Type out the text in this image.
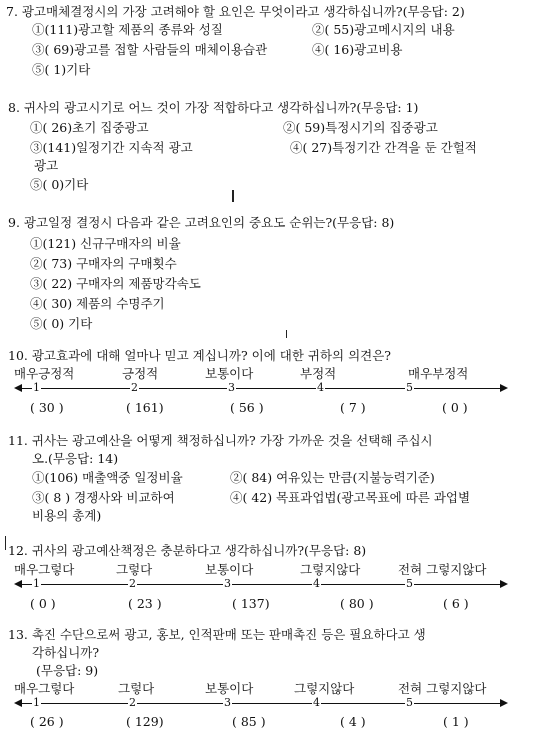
7. 광고매체결정시의 가장 고려해야 할 요인은 무엇이라고 생각하십니까?(무응답: 2)
①(111)광고할 제품의 종류와 성질	②( 55)광고메시지의 내용
③( 69)광고를 접할 사람들의 매체이용습관	④( 16)광고비용
⑤( 1)기타
8. 귀사의 광고시기로 어느 것이 가장 적합하다고 생각하십니까?(무응답: 1)
①( 26)초기 집중광고	②( 59)특정시기의 집중광고
③(141)일정기간 지속적 광고	④( 27)특정기간 간격을 둔 간헐적
광고
⑤( 0)기타
9. 광고일정 결정시 다음과 같은 고려요인의 중요도 순위는?(무응답: 8)
①(121) 신규구매자의 비율
②( 73) 구매자의 구매횟수
③( 22) 구매자의 제품망각속도
④( 30) 제품의 수명주기
⑤( 0) 기타
10. 광고효과에 대해 얼마나 믿고 계십니까? 이에 대한 귀하의 의견은?
매우긍정적	긍정적	보통이다	부정적	매우부정적
1	2	3	4	5
( 30 )	( 161)	( 56 )	( 7 )	( 0 )
11. 귀사는 광고예산을 어떻게 책정하십니까? 가장 가까운 것을 선택해 주십시
오.(무응답: 14)
①(106) 매출액중 일정비율	②( 84) 여유있는 만큼(지불능력기준)
③( 8 ) 경쟁사와 비교하여	④( 42) 목표과업법(광고목표에 따른 과업별
비용의 총계)
12. 귀사의 광고예산책정은 충분하다고 생각하십니까?(무응답: 8)
매우그렇다	그렇다	보통이다	그렇지않다	전혀 그렇지않다
1	2	3	4	5
( 0 )	( 23 )	( 137)	( 80 )	( 6 )
13. 촉진 수단으로써 광고, 홍보, 인적판매 또는 판매촉진 등은 필요하다고 생
각하십니까?
(무응답: 9)
매우그렇다	그렇다	보통이다	그렇지않다	전혀 그렇지않다
1	2	3	4	5
( 26 )	( 129)	( 85 )	( 4 )	( 1 )
